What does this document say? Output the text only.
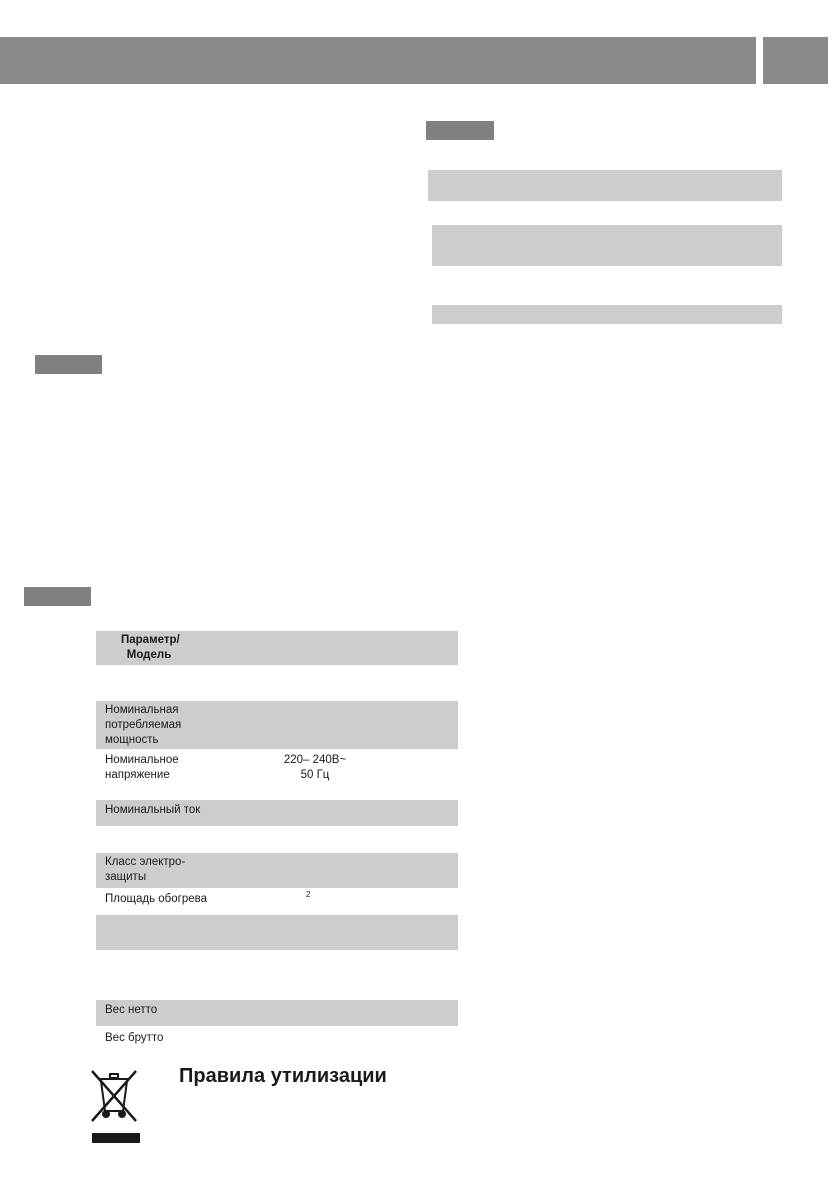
Параметр/
Модель
Номинальная
потребляемая
мощность
Номинальное
напряжение
220– 240В~
50 Гц
Номинальный ток
Класс электро-
защиты
Площадь обогрева	2
Вес нетто
Вес брутто
Правила утилизации
